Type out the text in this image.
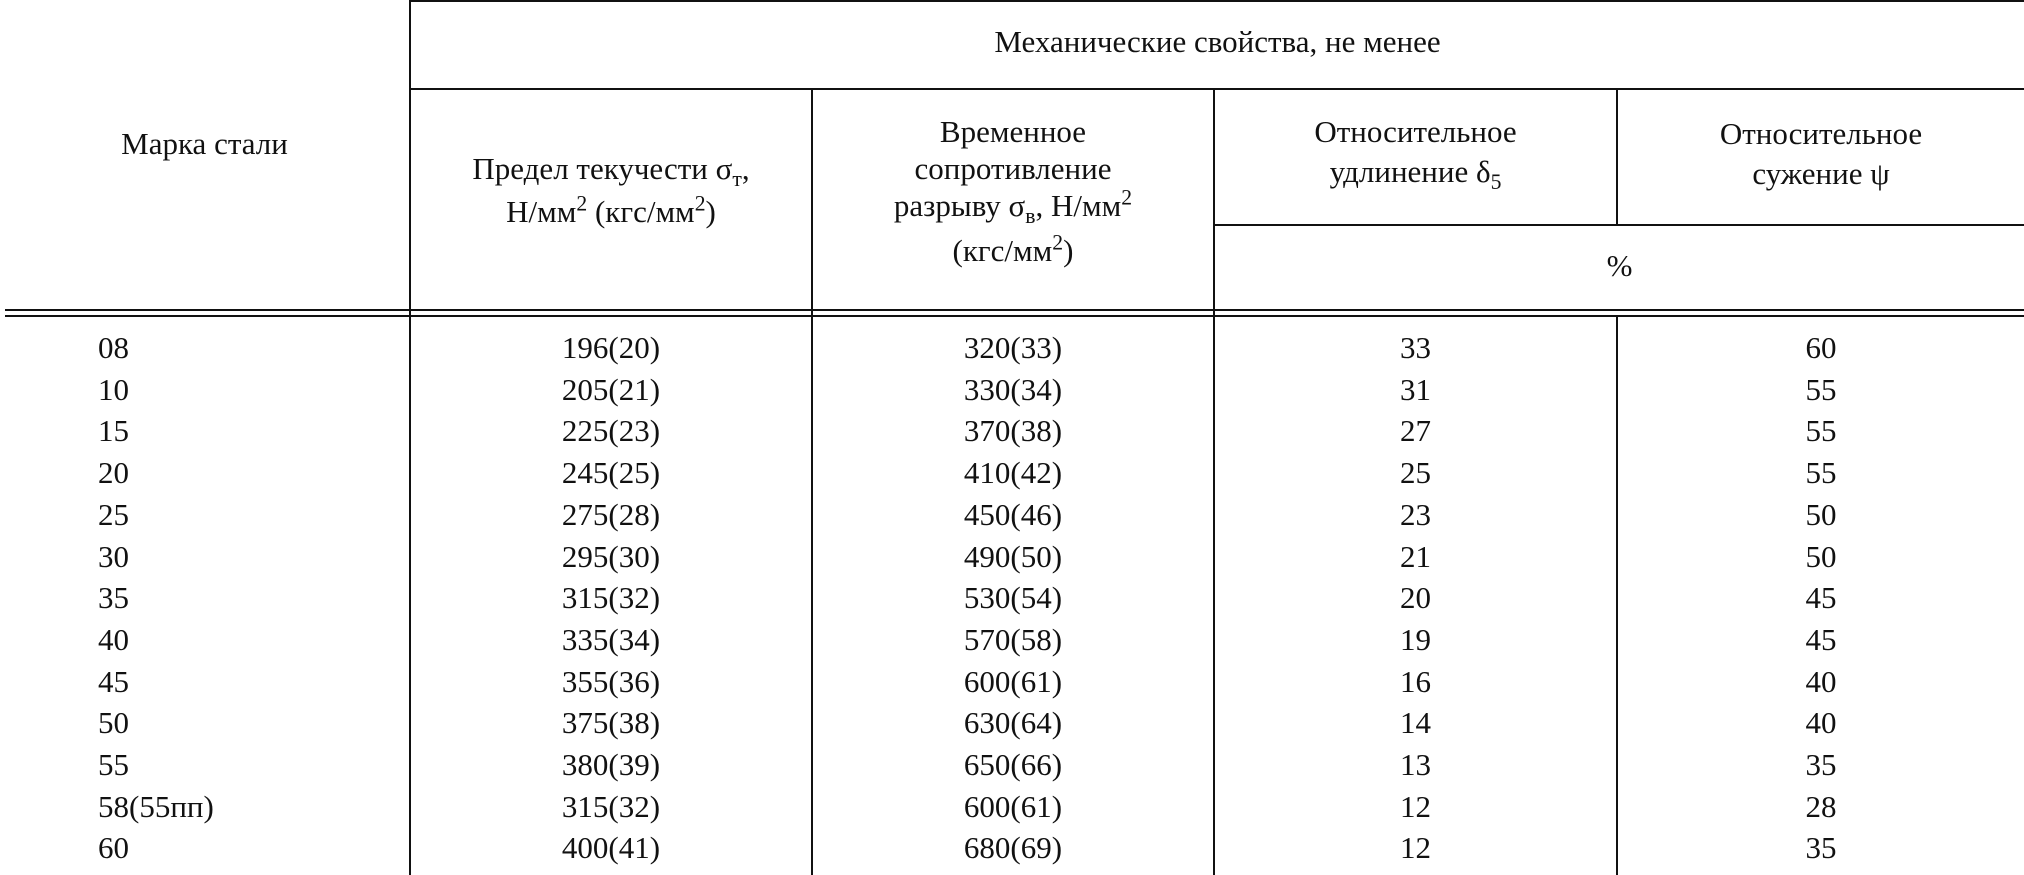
Марка стали
Механические свойства, не менее
Предел текучести $\sigma_т$,
$Н/мм^2$ $(кгс/мм^2)$
Временное
сопротивление
разрыву $\sigma_в$, $Н/мм^2$
$(кгс/мм^2)$
Относительное
удлинение $\delta_5$
Относительное
сужение ψ
%
08	196(20)	320(33)	33	60
10	205(21)	330(34)	31	55
15	225(23)	370(38)	27	55
20	245(25)	410(42)	25	55
25	275(28)	450(46)	23	50
30	295(30)	490(50)	21	50
35	315(32)	530(54)	20	45
40	335(34)	570(58)	19	45
45	355(36)	600(61)	16	40
50	375(38)	630(64)	14	40
55	380(39)	650(66)	13	35
58(55пп)	315(32)	600(61)	12	28
60	400(41)	680(69)	12	35
